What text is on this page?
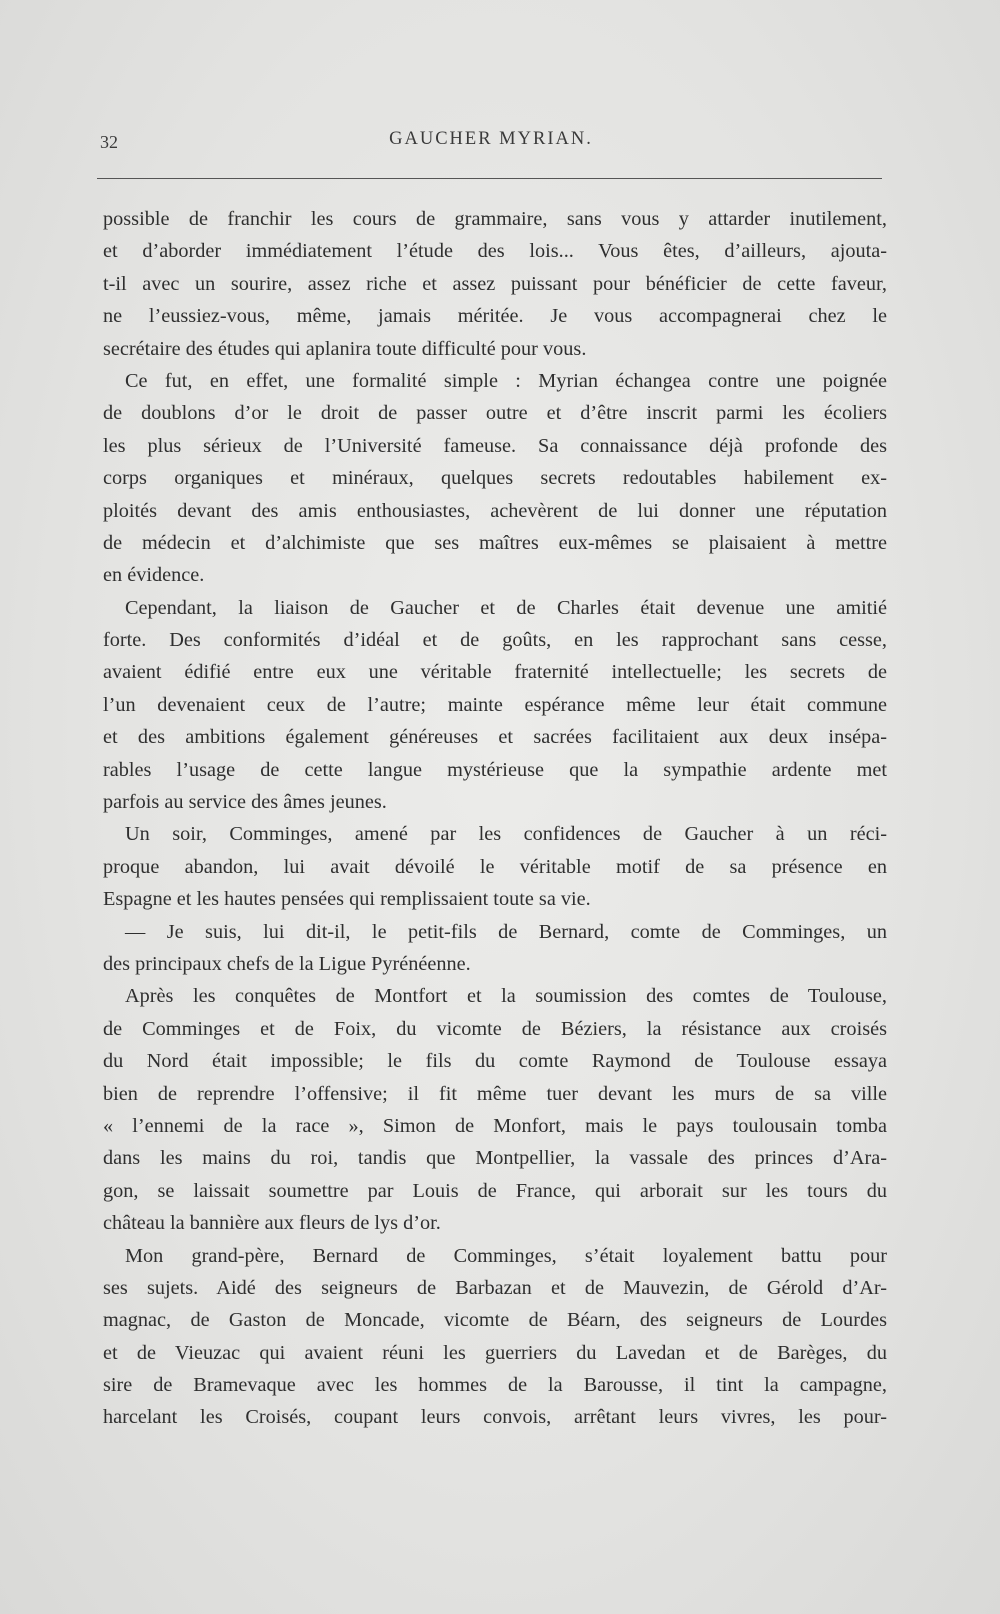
32	GAUCHER MYRIAN.
possible de franchir les cours de grammaire, sans vous y attarder inutilement,
et d’aborder immédiatement l’étude des lois... Vous êtes, d’ailleurs, ajouta-
t-il avec un sourire, assez riche et assez puissant pour bénéficier de cette faveur,
ne l’eussiez-vous, même, jamais méritée. Je vous accompagnerai chez le
secrétaire des études qui aplanira toute difficulté pour vous.
Ce fut, en effet, une formalité simple : Myrian échangea contre une poignée
de doublons d’or le droit de passer outre et d’être inscrit parmi les écoliers
les plus sérieux de l’Université fameuse. Sa connaissance déjà profonde des
corps organiques et minéraux, quelques secrets redoutables habilement ex-
ploités devant des amis enthousiastes, achevèrent de lui donner une réputation
de médecin et d’alchimiste que ses maîtres eux-mêmes se plaisaient à mettre
en évidence.
Cependant, la liaison de Gaucher et de Charles était devenue une amitié
forte. Des conformités d’idéal et de goûts, en les rapprochant sans cesse,
avaient édifié entre eux une véritable fraternité intellectuelle; les secrets de
l’un devenaient ceux de l’autre; mainte espérance même leur était commune
et des ambitions également généreuses et sacrées facilitaient aux deux insépa-
rables l’usage de cette langue mystérieuse que la sympathie ardente met
parfois au service des âmes jeunes.
Un soir, Comminges, amené par les confidences de Gaucher à un réci-
proque abandon, lui avait dévoilé le véritable motif de sa présence en
Espagne et les hautes pensées qui remplissaient toute sa vie.
— Je suis, lui dit-il, le petit-fils de Bernard, comte de Comminges, un
des principaux chefs de la Ligue Pyrénéenne.
Après les conquêtes de Montfort et la soumission des comtes de Toulouse,
de Comminges et de Foix, du vicomte de Béziers, la résistance aux croisés
du Nord était impossible; le fils du comte Raymond de Toulouse essaya
bien de reprendre l’offensive; il fit même tuer devant les murs de sa ville
« l’ennemi de la race », Simon de Monfort, mais le pays toulousain tomba
dans les mains du roi, tandis que Montpellier, la vassale des princes d’Ara-
gon, se laissait soumettre par Louis de France, qui arborait sur les tours du
château la bannière aux fleurs de lys d’or.
Mon grand-père, Bernard de Comminges, s’était loyalement battu pour
ses sujets. Aidé des seigneurs de Barbazan et de Mauvezin, de Gérold d’Ar-
magnac, de Gaston de Moncade, vicomte de Béarn, des seigneurs de Lourdes
et de Vieuzac qui avaient réuni les guerriers du Lavedan et de Barèges, du
sire de Bramevaque avec les hommes de la Barousse, il tint la campagne,
harcelant les Croisés, coupant leurs convois, arrêtant leurs vivres, les pour-
